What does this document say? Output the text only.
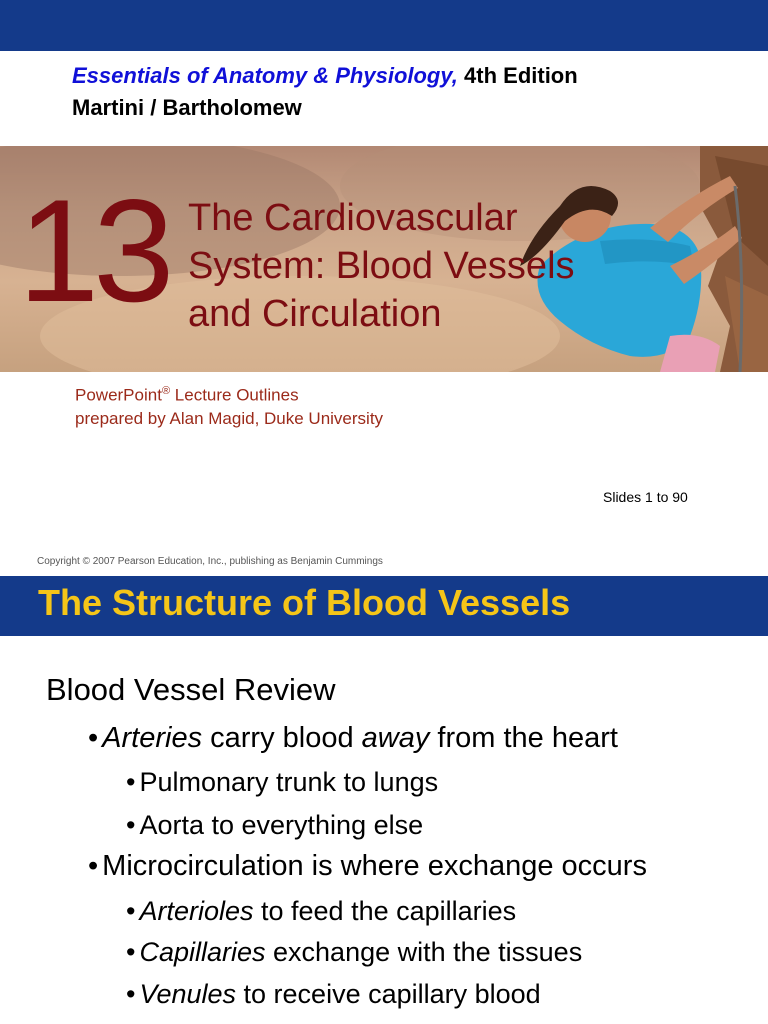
Essentials of Anatomy & Physiology, 4th Edition
Martini / Bartholomew
13 The Cardiovascular
System: Blood Vessels
and Circulation
PowerPoint® Lecture Outlines
prepared by Alan Magid, Duke University
Slides 1 to 90
Copyright © 2007 Pearson Education, Inc., publishing as Benjamin Cummings
The Structure of Blood Vessels
Blood Vessel Review
• Arteries carry blood away from the heart
• Pulmonary trunk to lungs
• Aorta to everything else
• Microcirculation is where exchange occurs
• Arterioles to feed the capillaries
• Capillaries exchange with the tissues
• Venules to receive capillary blood
